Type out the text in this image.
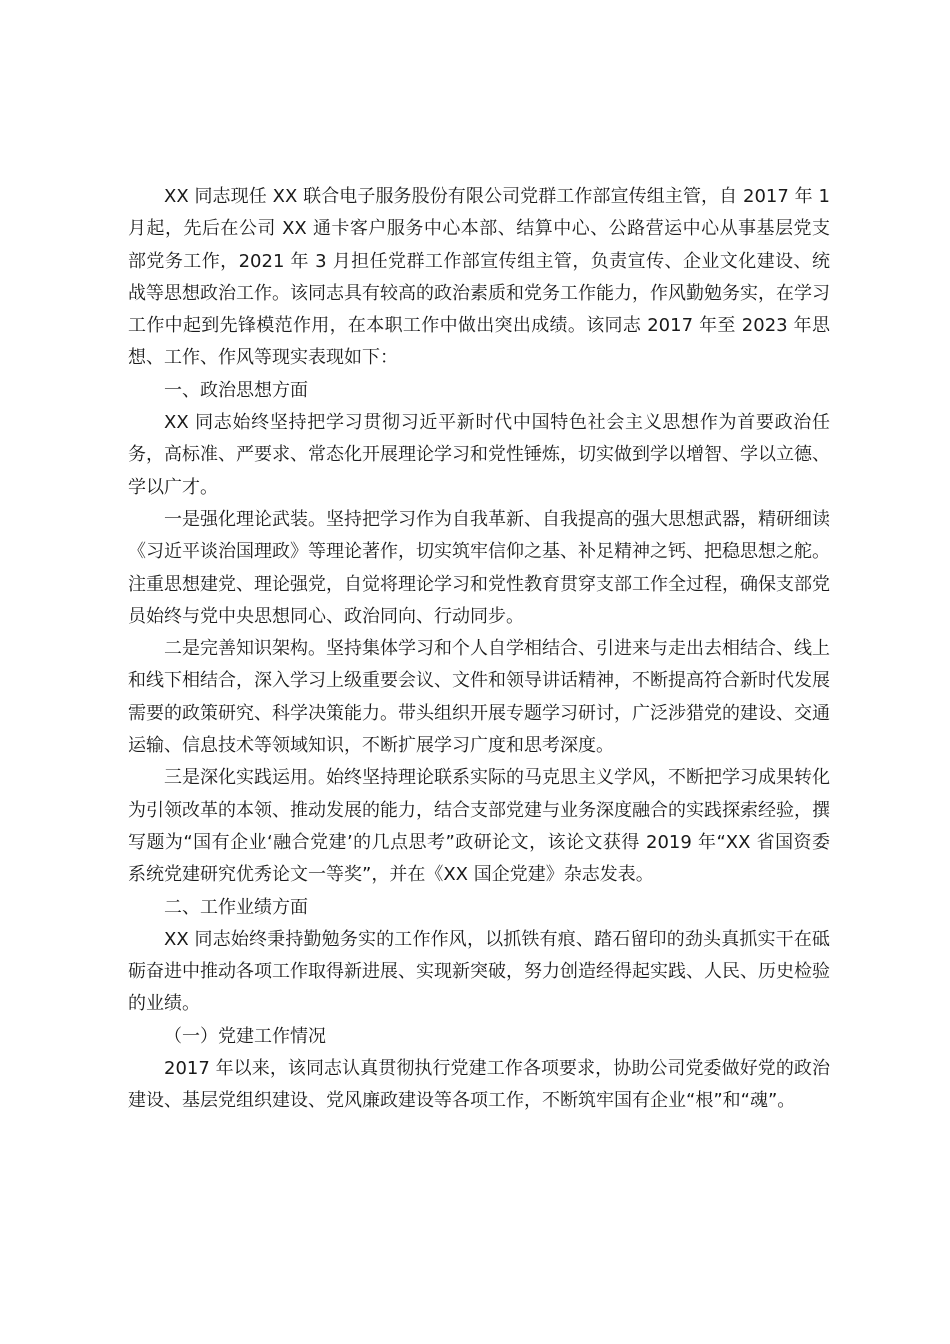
XX 同志现任 XX 联合电子服务股份有限公司党群工作部宣传组主管，自 2017 年 1 月起，先后在公司 XX 通卡客户服务中心本部、结算中心、公路营运中心从事基层党支部党务工作，2021 年 3 月担任党群工作部宣传组主管，负责宣传、企业文化建设、统战等思想政治工作。该同志具有较高的政治素质和党务工作能力，作风勤勉务实，在学习工作中起到先锋模范作用，在本职工作中做出突出成绩。该同志 2017 年至 2023 年思想、工作、作风等现实表现如下：

一、政治思想方面

XX 同志始终坚持把学习贯彻习近平新时代中国特色社会主义思想作为首要政治任务，高标准、严要求、常态化开展理论学习和党性锤炼，切实做到学以增智、学以立德、学以广才。

一是强化理论武装。坚持把学习作为自我革新、自我提高的强大思想武器，精研细读《习近平谈治国理政》等理论著作，切实筑牢信仰之基、补足精神之钙、把稳思想之舵。注重思想建党、理论强党，自觉将理论学习和党性教育贯穿支部工作全过程，确保支部党员始终与党中央思想同心、政治同向、行动同步。

二是完善知识架构。坚持集体学习和个人自学相结合、引进来与走出去相结合、线上和线下相结合，深入学习上级重要会议、文件和领导讲话精神，不断提高符合新时代发展需要的政策研究、科学决策能力。带头组织开展专题学习研讨，广泛涉猎党的建设、交通运输、信息技术等领域知识，不断扩展学习广度和思考深度。

三是深化实践运用。始终坚持理论联系实际的马克思主义学风，不断把学习成果转化为引领改革的本领、推动发展的能力，结合支部党建与业务深度融合的实践探索经验，撰写题为“国有企业‘融合党建’的几点思考”政研论文，该论文获得 2019 年“XX 省国资委系统党建研究优秀论文一等奖”，并在《XX 国企党建》杂志发表。

二、工作业绩方面

XX 同志始终秉持勤勉务实的工作作风，以抓铁有痕、踏石留印的劲头真抓实干在砥砺奋进中推动各项工作取得新进展、实现新突破，努力创造经得起实践、人民、历史检验的业绩。

（一）党建工作情况

2017 年以来，该同志认真贯彻执行党建工作各项要求，协助公司党委做好党的政治建设、基层党组织建设、党风廉政建设等各项工作，不断筑牢国有企业“根”和“魂”。
